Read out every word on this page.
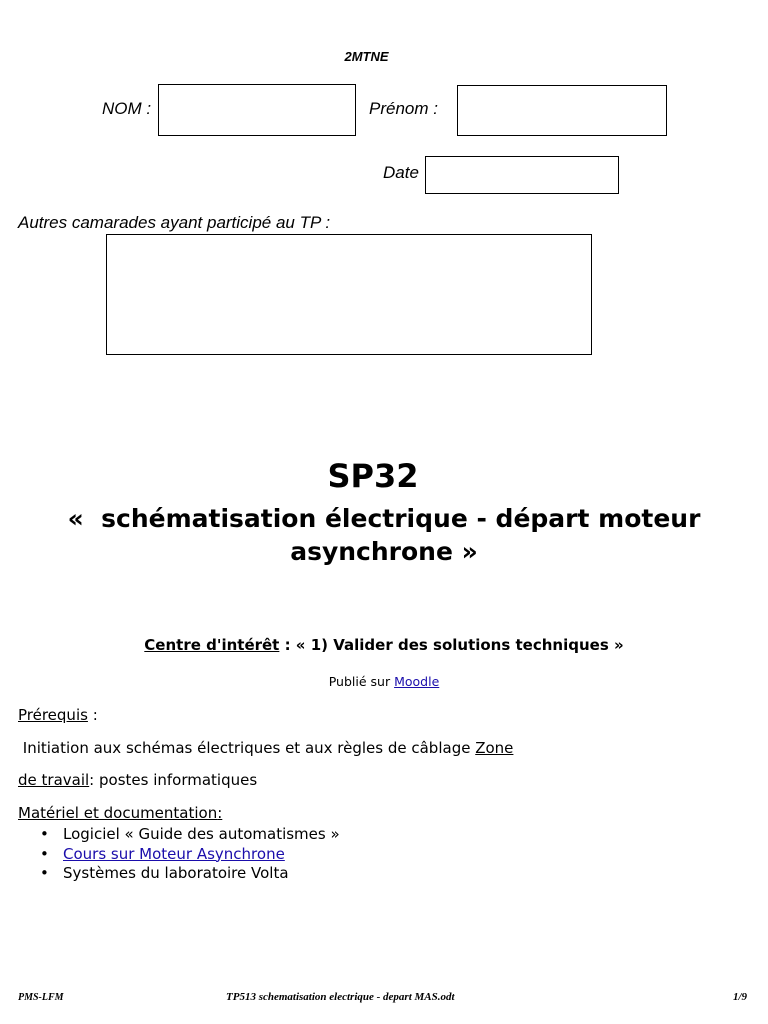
2MTNE
NOM :	Prénom :
Date
Autres camarades ayant participé au TP :
SP32
«  schématisation électrique - départ moteur
asynchrone »
Centre d'intérêt : « 1) Valider des solutions techniques »
Publié sur Moodle
Prérequis :
Initiation aux schémas électriques et aux règles de câblage Zone
de travail: postes informatiques
Matériel et documentation:
• Logiciel « Guide des automatismes »
• Cours sur Moteur Asynchrone
• Systèmes du laboratoire Volta
PMS-LFM	TP513 schematisation electrique - depart MAS.odt	1/9
